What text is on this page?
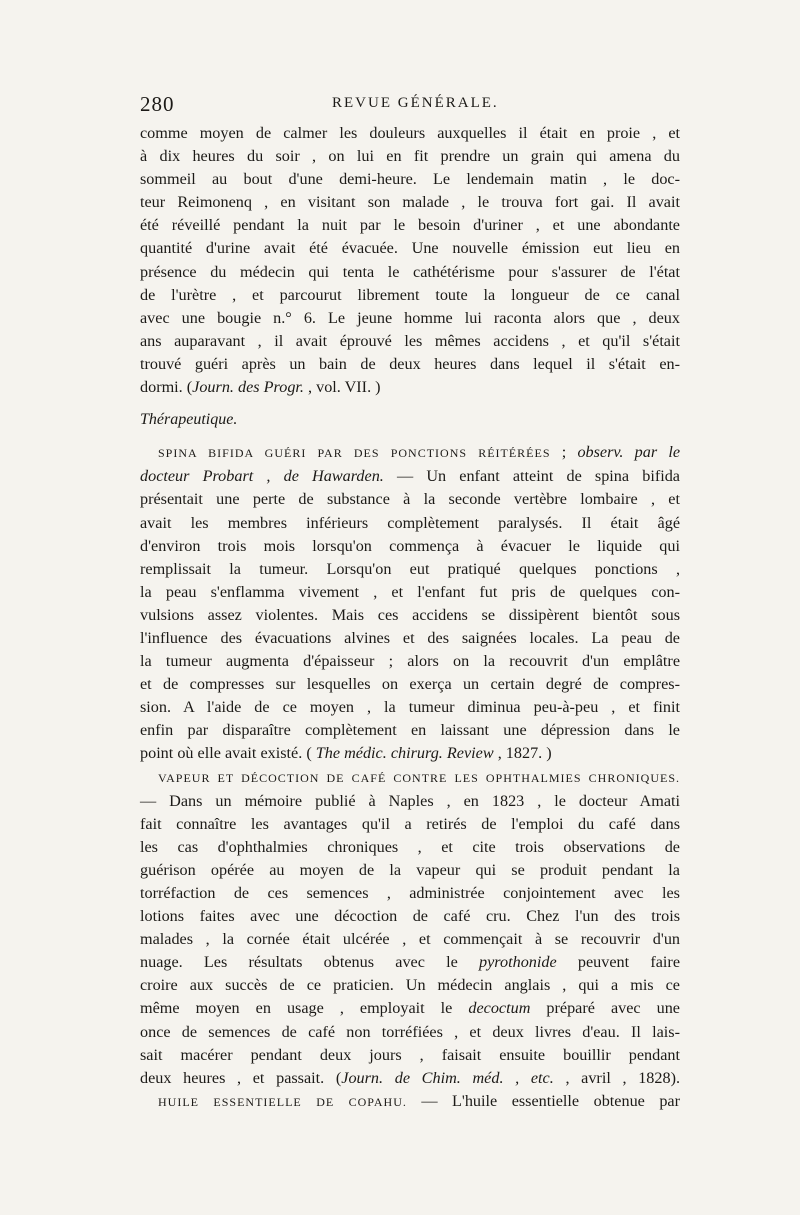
280	REVUE GÉNÉRALE.
comme moyen de calmer les douleurs auxquelles il était en proie , et
à dix heures du soir , on lui en fit prendre un grain qui amena du
sommeil au bout d'une demi-heure. Le lendemain matin , le doc-
teur Reimonenq , en visitant son malade , le trouva fort gai. Il avait
été réveillé pendant la nuit par le besoin d'uriner , et une abondante
quantité d'urine avait été évacuée. Une nouvelle émission eut lieu en
présence du médecin qui tenta le cathétérisme pour s'assurer de l'état
de l'urètre , et parcourut librement toute la longueur de ce canal
avec une bougie n.° 6. Le jeune homme lui raconta alors que , deux
ans auparavant , il avait éprouvé les mêmes accidens , et qu'il s'était
trouvé guéri après un bain de deux heures dans lequel il s'était en-
dormi. (Journ. des Progr. , vol. VII. )
Thérapeutique.
SPINA BIFIDA GUÉRI PAR DES PONCTIONS RÉITÉRÉES ; observ. par le
docteur Probart , de Hawarden. — Un enfant atteint de spina bifida
présentait une perte de substance à la seconde vertèbre lombaire , et
avait les membres inférieurs complètement paralysés. Il était âgé
d'environ trois mois lorsqu'on commença à évacuer le liquide qui
remplissait la tumeur. Lorsqu'on eut pratiqué quelques ponctions ,
la peau s'enflamma vivement , et l'enfant fut pris de quelques con-
vulsions assez violentes. Mais ces accidens se dissipèrent bientôt sous
l'influence des évacuations alvines et des saignées locales. La peau de
la tumeur augmenta d'épaisseur ; alors on la recouvrit d'un emplâtre
et de compresses sur lesquelles on exerça un certain degré de compres-
sion. A l'aide de ce moyen , la tumeur diminua peu-à-peu , et finit
enfin par disparaître complètement en laissant une dépression dans le
point où elle avait existé. ( The médic. chirurg. Review , 1827. )
VAPEUR ET DÉCOCTION DE CAFÉ CONTRE LES OPHTHALMIES CHRONIQUES.
— Dans un mémoire publié à Naples , en 1823 , le docteur Amati
fait connaître les avantages qu'il a retirés de l'emploi du café dans
les cas d'ophthalmies chroniques , et cite trois observations de
guérison opérée au moyen de la vapeur qui se produit pendant la
torréfaction de ces semences , administrée conjointement avec les
lotions faites avec une décoction de café cru. Chez l'un des trois
malades , la cornée était ulcérée , et commençait à se recouvrir d'un
nuage. Les résultats obtenus avec le pyrothonide peuvent faire
croire aux succès de ce praticien. Un médecin anglais , qui a mis ce
même moyen en usage , employait le decoctum préparé avec une
once de semences de café non torréfiées , et deux livres d'eau. Il lais-
sait macérer pendant deux jours , faisait ensuite bouillir pendant
deux heures , et passait. (Journ. de Chim. méd. , etc. , avril , 1828).
HUILE ESSENTIELLE DE COPAHU. — L'huile essentielle obtenue par
